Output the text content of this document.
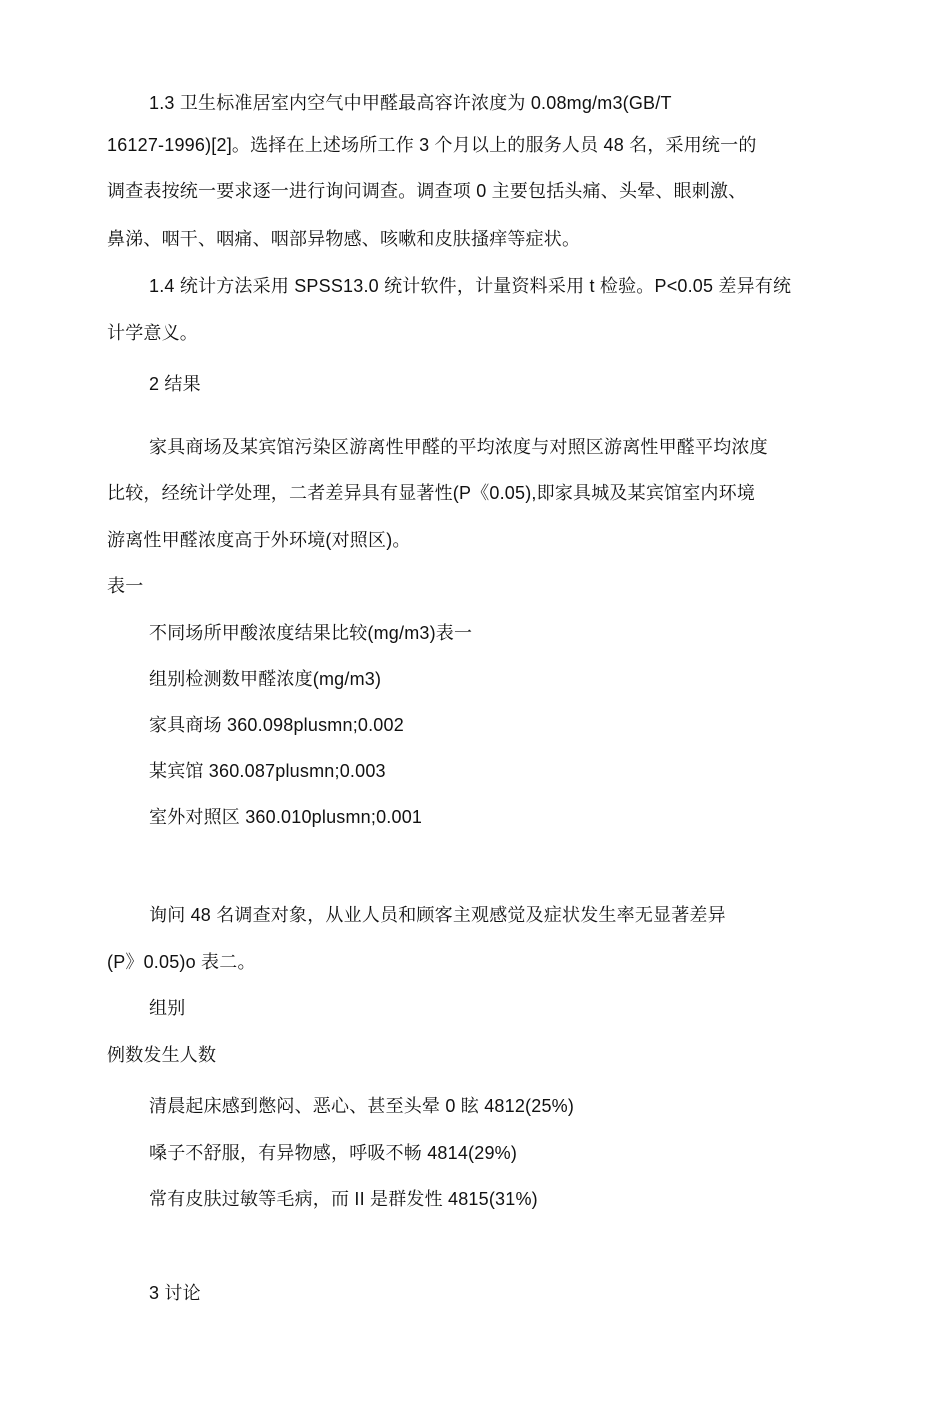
1.3 卫生标准居室内空气中甲醛最高容许浓度为 0.08mg/m3(GB/T
16127-1996)[2]。选择在上述场所工作 3 个月以上的服务人员 48 名，采用统一的
调查表按统一要求逐一进行询问调查。调查项 0 主要包括头痛、头晕、眼刺激、
鼻涕、咽干、咽痛、咽部异物感、咳嗽和皮肤搔痒等症状。
1.4 统计方法采用 SPSS13.0 统计软件，计量资料采用 t 检验。P<0.05 差异有统
计学意义。
2 结果
家具商场及某宾馆污染区游离性甲醛的平均浓度与对照区游离性甲醛平均浓度
比较，经统计学处理，二者差异具有显著性(P《0.05),即家具城及某宾馆室内环境
游离性甲醛浓度高于外环境(对照区)。
表一
不同场所甲酸浓度结果比较(mg/m3)表一
组别检测数甲醛浓度(mg/m3)
家具商场 360.098plusmn;0.002
某宾馆 360.087plusmn;0.003
室外对照区 360.010plusmn;0.001
询问 48 名调查对象，从业人员和顾客主观感觉及症状发生率无显著差异
(P》0.05)o 表二。
组别
例数发生人数
清晨起床感到憋闷、恶心、甚至头晕 0 眩 4812(25%)
嗓子不舒服，有异物感，呼吸不畅 4814(29%)
常有皮肤过敏等毛病，而 II 是群发性 4815(31%)
3 讨论
